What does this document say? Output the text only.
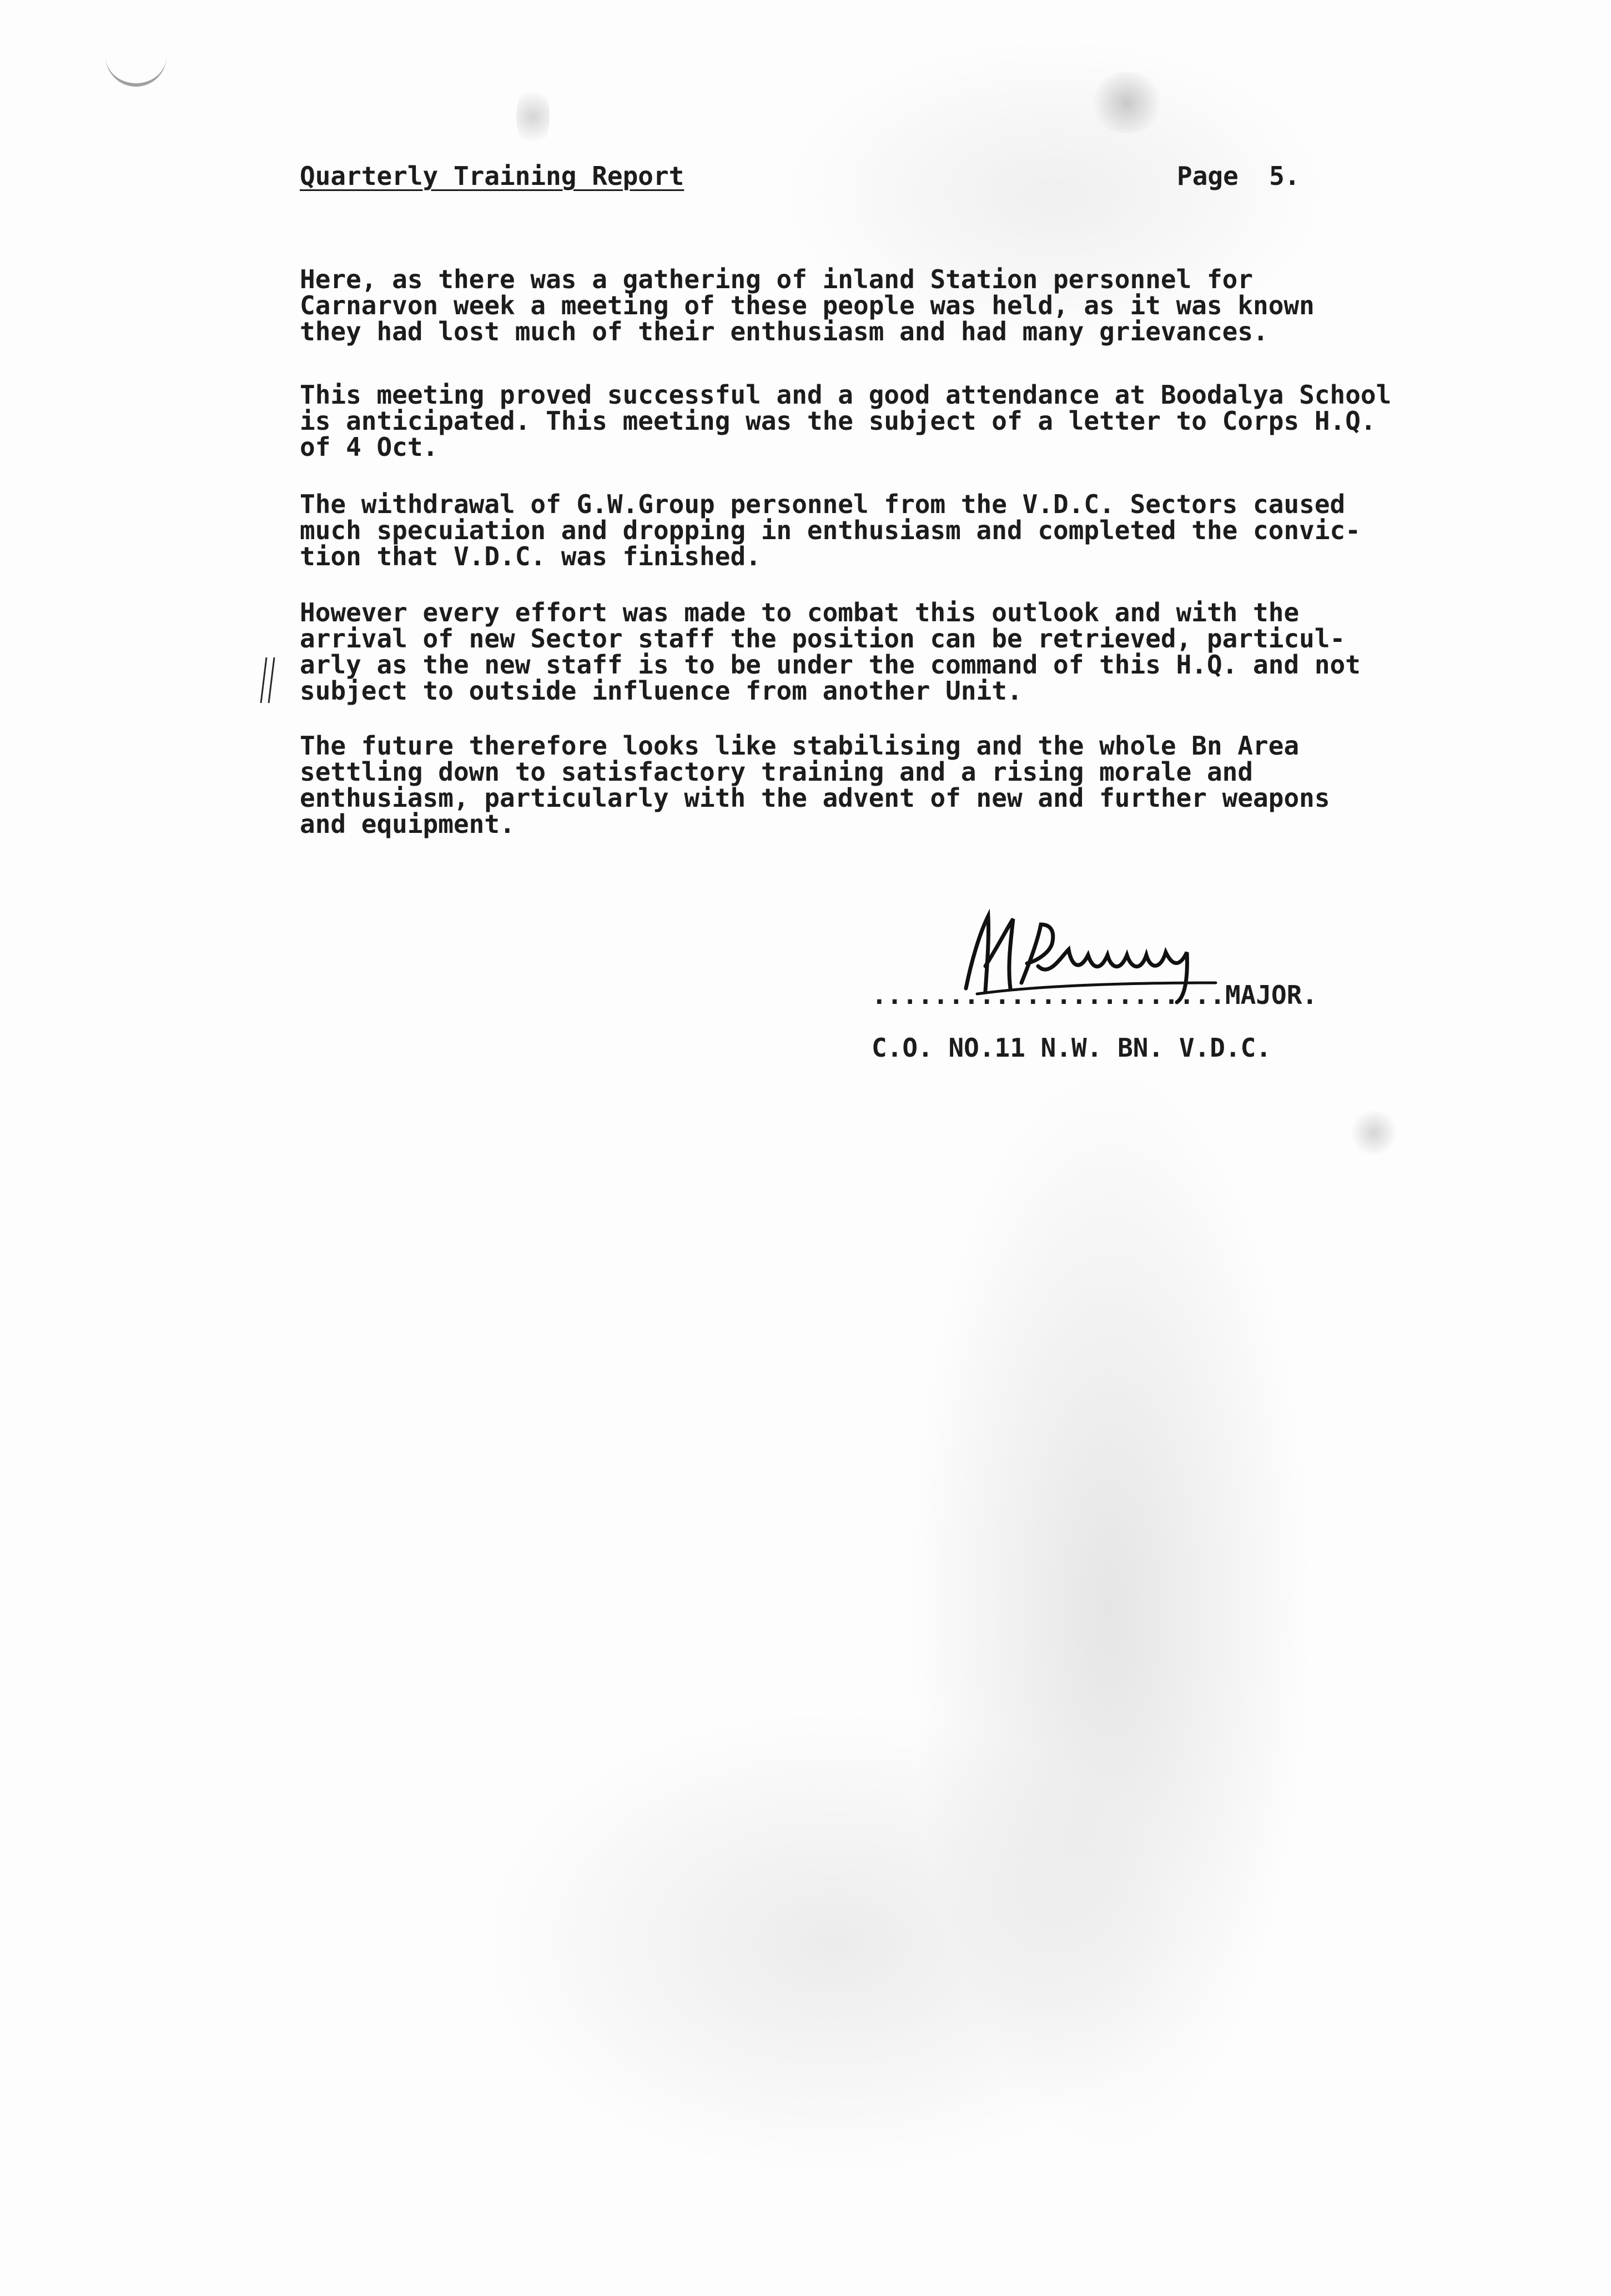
Quarterly Training Report	Page  5.
Here, as there was a gathering of inland Station personnel for
Carnarvon week a meeting of these people was held, as it was known
they had lost much of their enthusiasm and had many grievances.
This meeting proved successful and a good attendance at Boodalya School
is anticipated. This meeting was the subject of a letter to Corps H.Q.
of 4 Oct.
The withdrawal of G.W.Group personnel from the V.D.C. Sectors caused
much specuiation and dropping in enthusiasm and completed the convic-
tion that V.D.C. was finished.
However every effort was made to combat this outlook and with the
arrival of new Sector staff the position can be retrieved, particul-
arly as the new staff is to be under the command of this H.Q. and not
subject to outside influence from another Unit.
The future therefore looks like stabilising and the whole Bn Area
settling down to satisfactory training and a rising morale and
enthusiasm, particularly with the advent of new and further weapons
and equipment.
.......................MAJOR.
C.O. NO.11 N.W. BN. V.D.C.
